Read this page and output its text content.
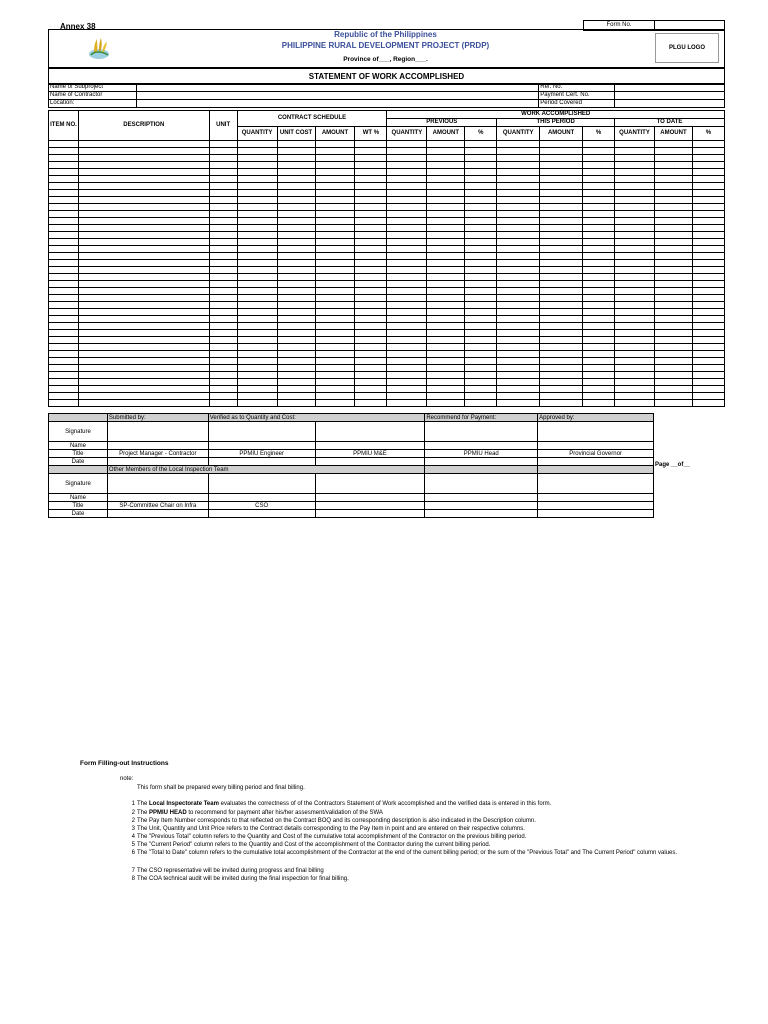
Annex 38	Form No.
Republic of the Philippines
PHILIPPINE RURAL DEVELOPMENT PROJECT (PRDP)
Province of___, Region___.
PLGU LOGO
STATEMENT OF WORK ACCOMPLISHED
Name of Subproject		Ref. No.	
Name of Contractor		Payment Cert. No.	
Location:		Period Covered	
ITEM NO.	DESCRIPTION	UNIT	CONTRACT SCHEDULE				WORK ACCOMPLISHED								
							PREVIOUS			THIS PERIOD			TO DATE		
			QUANTITY	UNIT COST	AMOUNT	WT %	QUANTITY	AMOUNT	%	QUANTITY	AMOUNT	%	QUANTITY	AMOUNT	%

	Submitted by:	Verified as to Quantity and Cost:		Recommend for Payment:	Approved by:
Signature					
Name					
Title	Project Manager - Contractor	PPMIU Engineer	PPMIU M&E	PPMIU Head	Provincial Governor
Date					
	Other Members of the Local Inspection Team				
Signature					
Name					
Title	SP-Committee Chair on Infra	CSO			
Date					
Page __of__
Form Filling-out Instructions
note:
This form shall be prepared every billing period and final billing.
1 The Local Inspectorate Team evaluates the correctness of of the Contractors Statement of Work accomplished and the verified data is entered in this form.
2 The PPMIU HEAD to recommend for payment after his/her assesment/validation of the SWA
2 The Pay Item Number corresponds to that reflected on the Contract BOQ and its corresponding description is also indicated in the Description column.
3 The Unit, Quantity and Unit Price refers to the Contract details corresponding to the Pay Item in point and are entered on their respective columns.
4 The "Previous Total" column refers to the Quantity and Cost of the cumulative total accomplishment of the Contractor on the previous billing period.
5 The "Current Period" column refers to the Quantity and Cost of the accomplishment of the Contractor during the current billing period.
6 The "Total to Date" column refers to the cumulative total accomplishment of the Contractor at the end of the current billing period; or the sum of the "Previous Total" and The Current Period" column values.
7 The CSO representative will be invited during progress and final billing
8 The COA technical audit will be invited during the final inspection for final billing.
